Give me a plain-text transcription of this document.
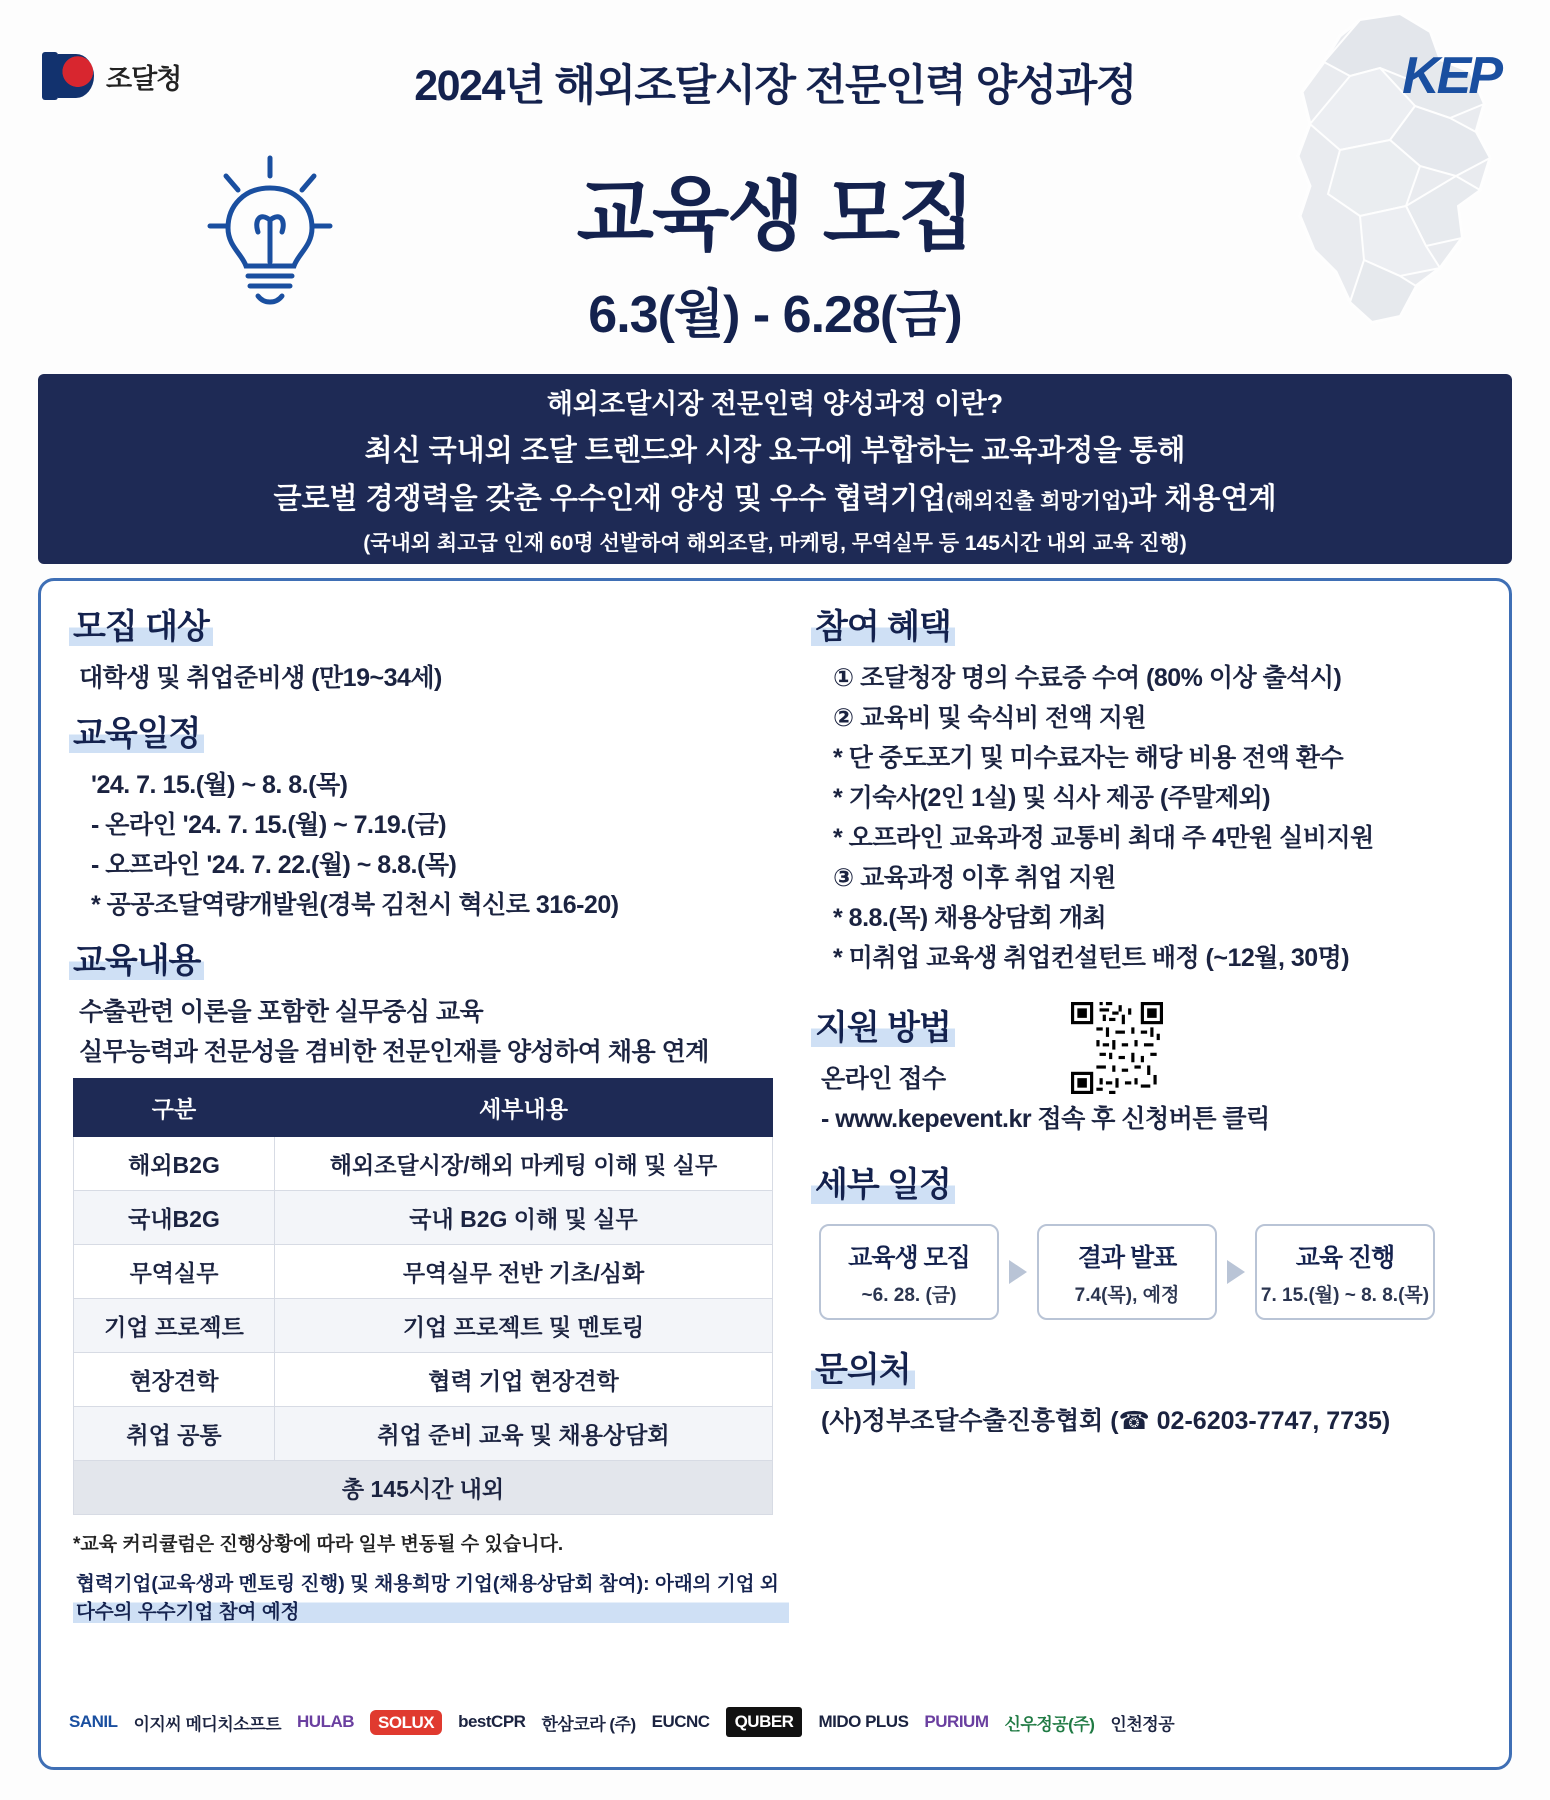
조달청	KEP
2024년 해외조달시장 전문인력 양성과정
교육생 모집
6.3(월) - 6.28(금)
해외조달시장 전문인력 양성과정 이란?
최신 국내외 조달 트렌드와 시장 요구에 부합하는 교육과정을 통해
글로벌 경쟁력을 갖춘 우수인재 양성 및 우수 협력기업(해외진출 희망기업)과 채용연계
(국내외 최고급 인재 60명 선발하여 해외조달, 마케팅, 무역실무 등 145시간 내외 교육 진행)
모집 대상
대학생 및 취업준비생 (만19~34세)
교육일정
'24. 7. 15.(월) ~ 8. 8.(목)
- 온라인 '24. 7. 15.(월) ~ 7.19.(금)
- 오프라인 '24. 7. 22.(월) ~ 8.8.(목)
* 공공조달역량개발원(경북 김천시 혁신로 316-20)
교육내용
수출관련 이론을 포함한 실무중심 교육
실무능력과 전문성을 겸비한 전문인재를 양성하여 채용 연계
구분	세부내용
해외B2G	해외조달시장/해외 마케팅 이해 및 실무
국내B2G	국내 B2G 이해 및 실무
무역실무	무역실무 전반 기초/심화
기업 프로젝트	기업 프로젝트 및 멘토링
현장견학	협력 기업 현장견학
취업 공통	취업 준비 교육 및 채용상담회
총 145시간 내외	
*교육 커리큘럼은 진행상황에 따라 일부 변동될 수 있습니다.
협력기업(교육생과 멘토링 진행) 및 채용희망 기업(채용상담회 참여): 아래의 기업 외 다수의 우수기업 참여 예정
참여 혜택
① 조달청장 명의 수료증 수여 (80% 이상 출석시)
② 교육비 및 숙식비 전액 지원
* 단 중도포기 및 미수료자는 해당 비용 전액 환수
* 기숙사(2인 1실) 및 식사 제공 (주말제외)
* 오프라인 교육과정 교통비 최대 주 4만원 실비지원
③ 교육과정 이후 취업 지원
* 8.8.(목) 채용상담회 개최
* 미취업 교육생 취업컨설턴트 배정 (~12월, 30명)
지원 방법
온라인 접수
- www.kepevent.kr 접속 후 신청버튼 클릭
세부 일정
교육생 모집
~6. 28. (금)
결과 발표
7.4(목), 예정
교육 진행
7. 15.(월) ~ 8. 8.(목)
문의처
(사)정부조달수출진흥협회 (☎ 02-6203-7747, 7735)
SANIL 이지씨 메디치소프트 HULAB	SOLUX	bestCPR 한삼코라 (주) EUCNC	QUBER	MIDO PLUS PURIUM 신우정공(주) 인천정공
